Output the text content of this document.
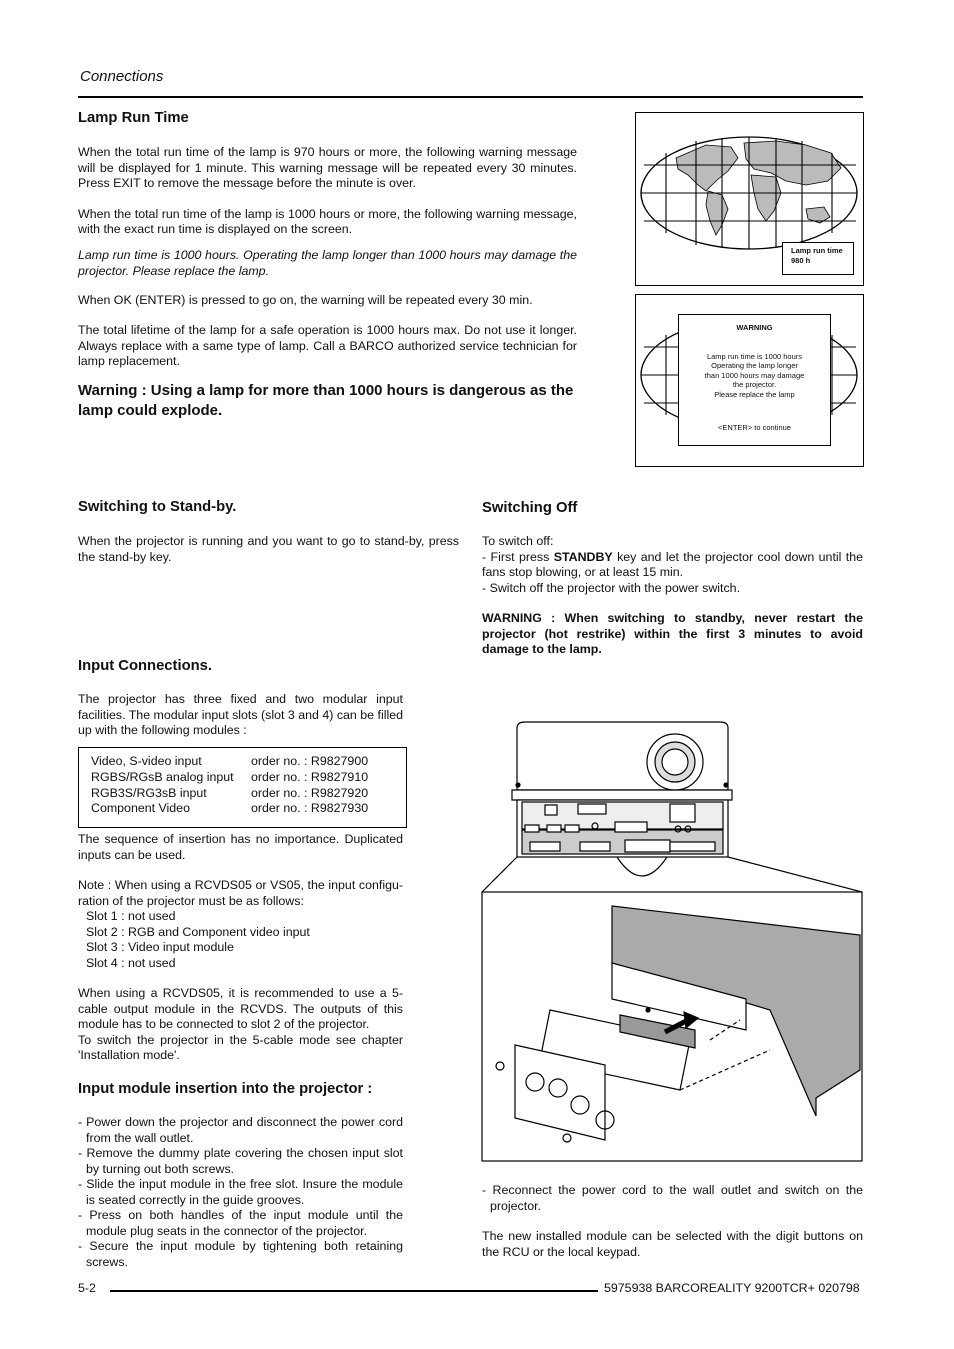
Connections
Lamp Run Time

When the total run time of the lamp is 970 hours or more, the following warning message will be displayed for 1 minute. This warning message will be repeated every 30 minutes. Press EXIT to remove the message before the minute is over.

When the total run time of the lamp is 1000 hours or more, the following warning message, with the exact run time is displayed on the screen.

Lamp run time is 1000 hours. Operating the lamp longer than 1000 hours may damage the projector. Please replace the lamp.

When OK (ENTER) is pressed to go on, the warning will be repeated every 30 min.

The total lifetime of the lamp for a safe operation is 1000 hours max. Do not use it longer. Always replace with a same type of lamp. Call a BARCO authorized service technician for lamp replacement.

Warning : Using a lamp for more than 1000 hours is dangerous as the lamp could explode.

Lamp run time
980 h
WARNING
Lamp run time is 1000 hours
Operating the lamp longer
than 1000 hours may damage
the projector.
Please replace the lamp
<ENTER> to continue
Switching to Stand-by.

When the projector is running and you want to go to stand-by, press the stand-by key.

Switching Off

To switch off:

- First press STANDBY key and let the projector cool down until the fans stop blowing, or at least 15 min.

- Switch off the projector with the power switch.

WARNING : When switching to standby, never restart the projector (hot restrike) within the first 3 minutes to avoid damage to the lamp.

Input Connections.

The projector has three fixed and two modular input facilities. The modular input slots (slot 3 and 4) can be filled up with the following modules :

Video, S-video input	order no. : R9827900
RGBS/RGsB analog input	order no. : R9827910
RGB3S/RG3sB input	order no. : R9827920
Component Video	order no. : R9827930

The sequence of insertion has no importance. Duplicated inputs can be used.

Note : When using a RCVDS05 or VS05, the input configu-ration of the projector must be as follows:

Slot 1 : not used
Slot 2 : RGB and Component video input
Slot 3 : Video input module
Slot 4 : not used

When using a RCVDS05, it is recommended to use a 5-cable output module in the RCVDS. The outputs of this module has to be connected to slot 2 of the projector.

To switch the projector in the 5-cable mode see chapter 'Installation mode'.

Input module insertion into the projector :
- Power down the projector and disconnect the power cord from the wall outlet.
- Remove the dummy plate covering the chosen input slot by turning out both screws.
- Slide the input module in the free slot. Insure the module is seated correctly in the guide grooves.
- Press on both handles of the input module until the module plug seats in the connector of the projector.
- Secure the input module by tightening both retaining screws.

- Reconnect the power cord to the wall outlet and switch on the projector.

The new installed module can be selected with the digit buttons on the RCU or the local keypad.

5-2	5975938 BARCOREALITY 9200TCR+ 020798
